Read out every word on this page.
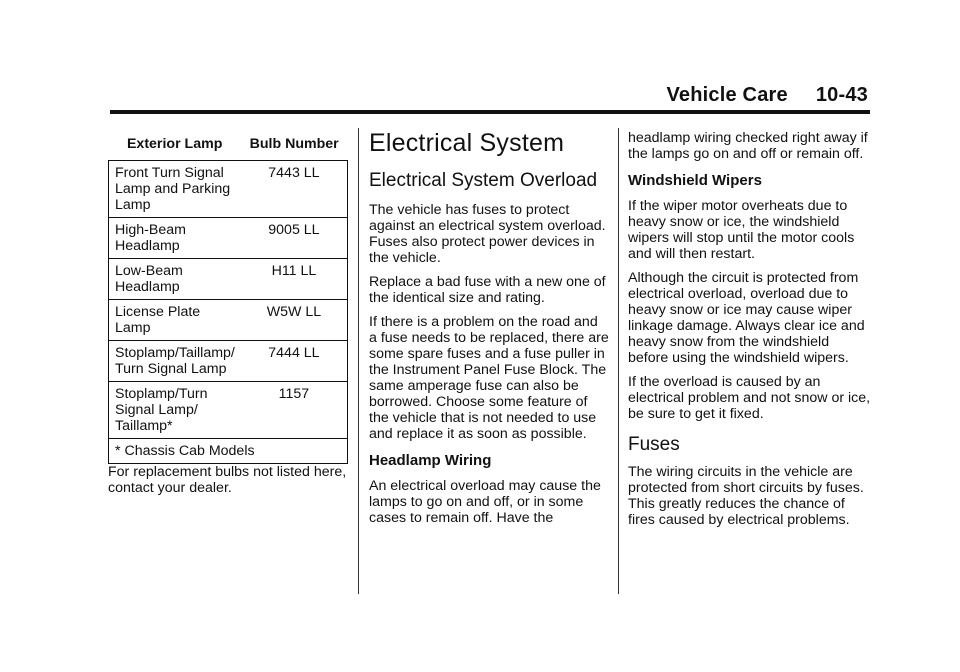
Vehicle Care 10-43
Exterior Lamp	Bulb Number
Front Turn Signal Lamp and Parking Lamp	7443 LL
High-Beam Headlamp	9005 LL
Low-Beam Headlamp	H11 LL
License Plate Lamp	W5W LL
Stoplamp/Taillamp/ Turn Signal Lamp	7444 LL
Stoplamp/Turn Signal Lamp/ Taillamp*	1157
* Chassis Cab Models	

For replacement bulbs not listed here, contact your dealer.

Electrical System
Electrical System Overload

The vehicle has fuses to protect against an electrical system overload. Fuses also protect power devices in the vehicle.

Replace a bad fuse with a new one of the identical size and rating.

If there is a problem on the road and a fuse needs to be replaced, there are some spare fuses and a fuse puller in the Instrument Panel Fuse Block. The same amperage fuse can also be borrowed. Choose some feature of the vehicle that is not needed to use and replace it as soon as possible.

Headlamp Wiring

An electrical overload may cause the lamps to go on and off, or in some cases to remain off. Have the

headlamp wiring checked right away if the lamps go on and off or remain off.

Windshield Wipers

If the wiper motor overheats due to heavy snow or ice, the windshield wipers will stop until the motor cools and will then restart.

Although the circuit is protected from electrical overload, overload due to heavy snow or ice may cause wiper linkage damage. Always clear ice and heavy snow from the windshield before using the windshield wipers.

If the overload is caused by an electrical problem and not snow or ice, be sure to get it fixed.

Fuses

The wiring circuits in the vehicle are protected from short circuits by fuses. This greatly reduces the chance of fires caused by electrical problems.
